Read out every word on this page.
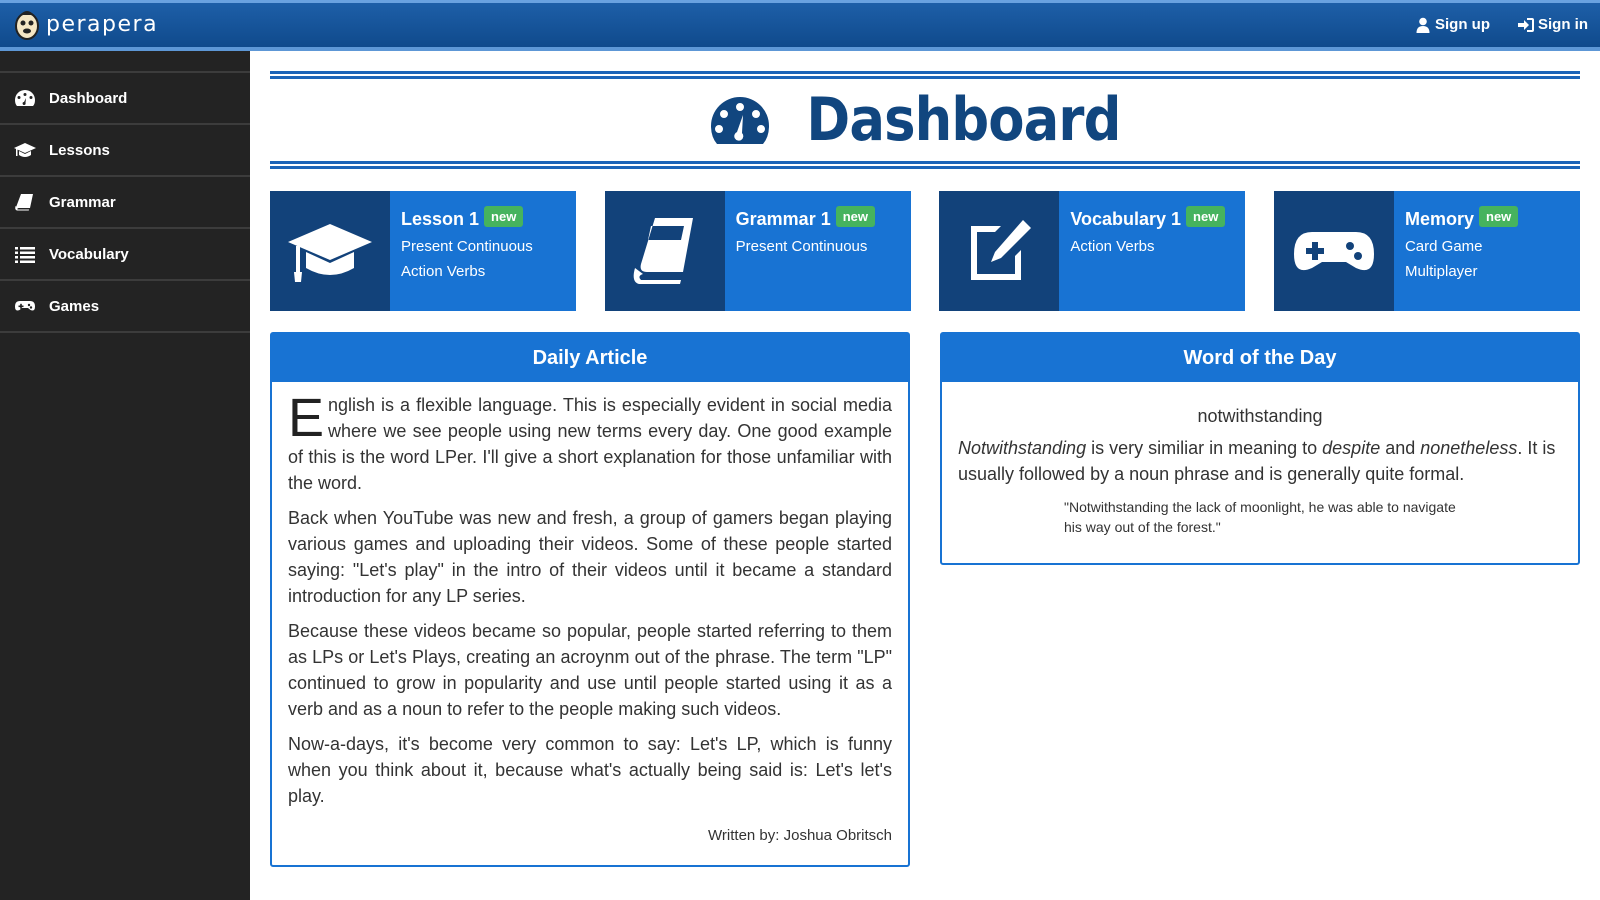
perapera	Sign up	Sign in
Dashboard
Lessons
Grammar
Vocabulary
Games
Dashboard
Lesson 1 new
Present Continuous
Action Verbs
Grammar 1 new
Present Continuous
Vocabulary 1 new
Action Verbs
Memory new
Card Game
Multiplayer
Daily Article

English is a flexible language. This is especially evident in social media where we see people using new terms every day. One good example of this is the word LPer. I'll give a short explanation for those unfamiliar with the word.

Back when YouTube was new and fresh, a group of gamers began playing various games and uploading their videos. Some of these people started saying: "Let's play" in the intro of their videos until it became a standard introduction for any LP series.

Because these videos became so popular, people started referring to them as LPs or Let's Plays, creating an acroynm out of the phrase. The term "LP" continued to grow in popularity and use until people started using it as a verb and as a noun to refer to the people making such videos.

Now-a-days, it's become very common to say: Let's LP, which is funny when you think about it, because what's actually being said is: Let's let's play.

Written by: Joshua Obritsch
Word of the Day
notwithstanding
Notwithstanding is very similiar in meaning to despite and nonetheless. It is usually followed by a noun phrase and is generally quite formal.
"Notwithstanding the lack of moonlight, he was able to navigate his way out of the forest."
